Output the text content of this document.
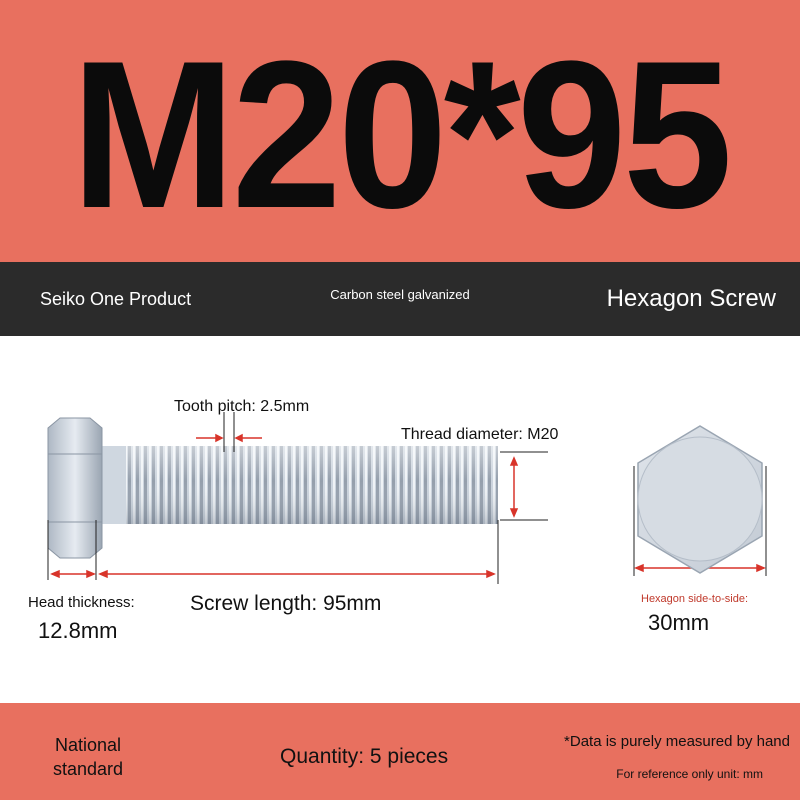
M20*95
Seiko One Product	Carbon steel galvanized	Hexagon Screw
Tooth pitch: 2.5mm
Thread diameter: M20
Head thickness:
12.8mm
Screw length: 95mm	Hexagon side-to-side:
30mm
National standard
Quantity: 5 pieces
*Data is purely measured by hand
For reference only unit: mm
